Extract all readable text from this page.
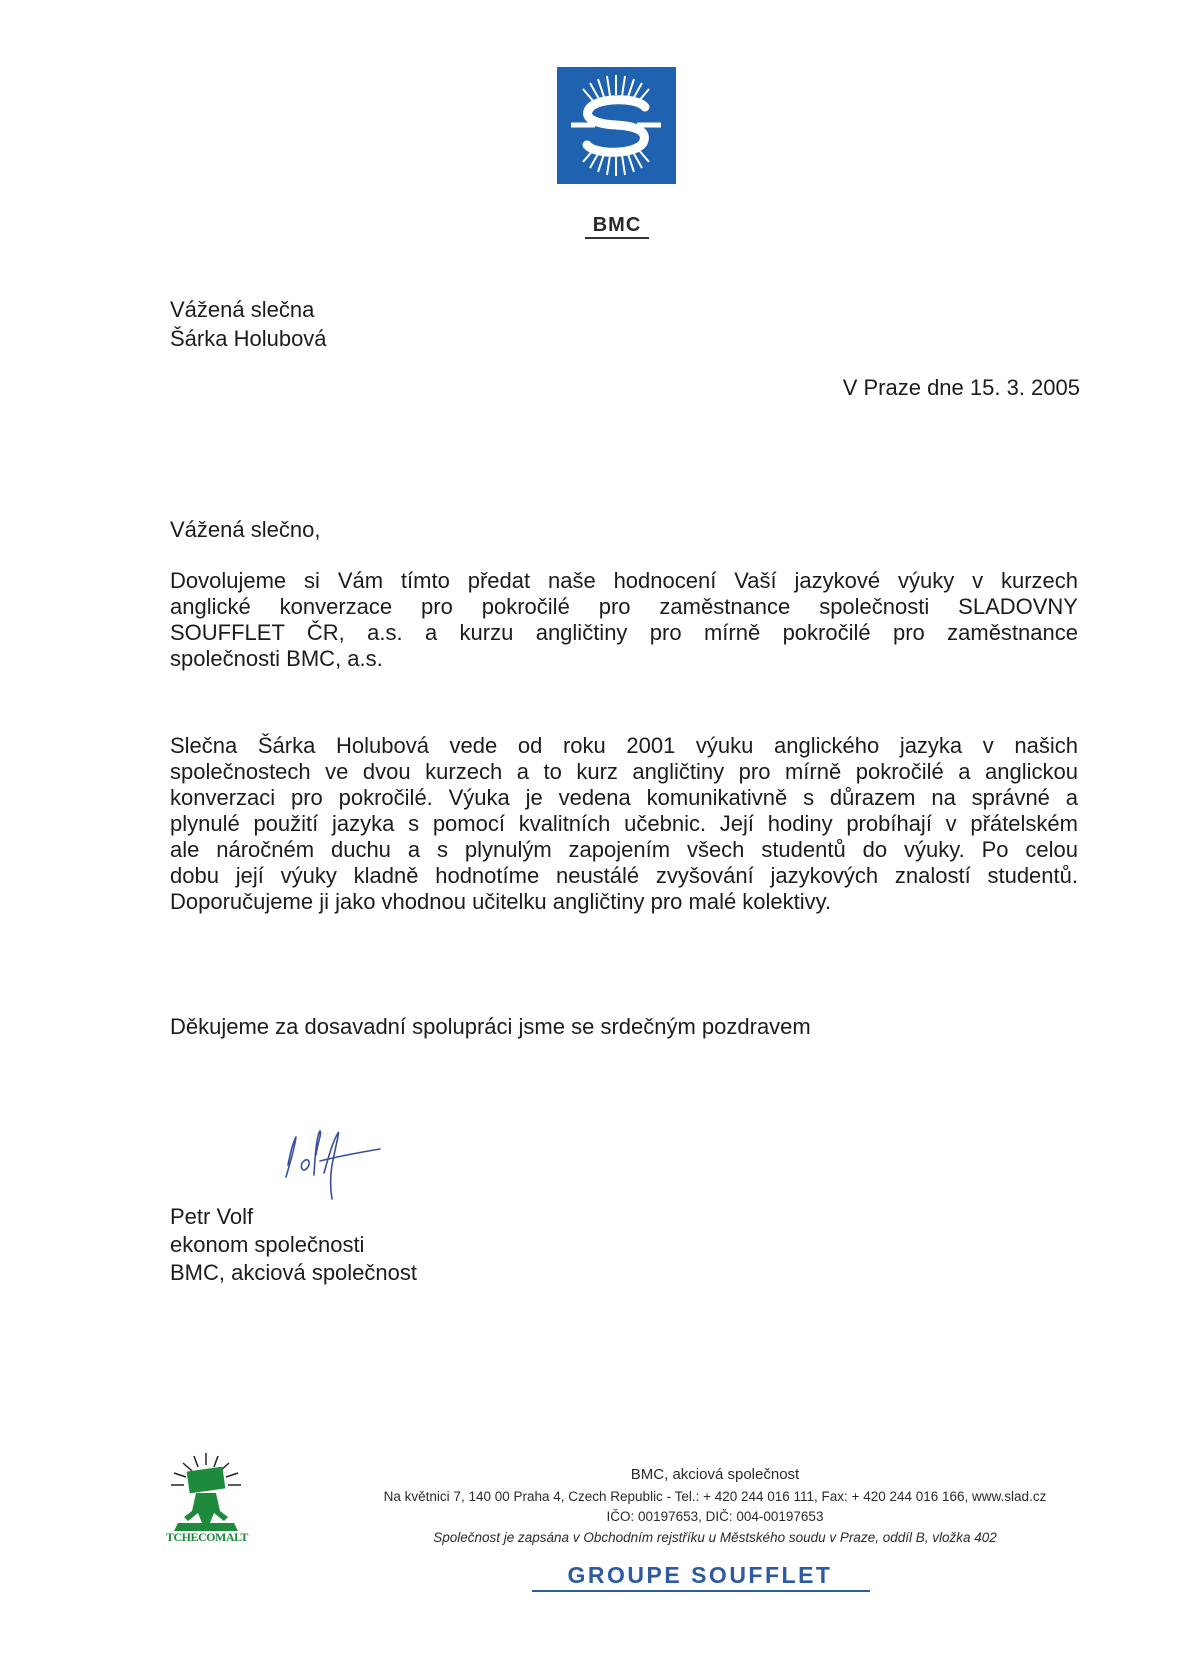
BMC
Vážená slečna
Šárka Holubová
V Praze dne 15. 3. 2005
Vážená slečno,
Dovolujeme si Vám tímto předat naše hodnocení Vaší jazykové výuky v kurzech
anglické konverzace pro pokročilé pro zaměstnance společnosti SLADOVNY
SOUFFLET ČR, a.s. a kurzu angličtiny pro mírně pokročilé pro zaměstnance
společnosti BMC, a.s.
Slečna Šárka Holubová vede od roku 2001 výuku anglického jazyka v našich
společnostech ve dvou kurzech a to kurz angličtiny pro mírně pokročilé a anglickou
konverzaci pro pokročilé. Výuka je vedena komunikativně s důrazem na správné a
plynulé použití jazyka s pomocí kvalitních učebnic. Její hodiny probíhají v přátelském
ale náročném duchu a s plynulým zapojením všech studentů do výuky. Po celou
dobu její výuky kladně hodnotíme neustálé zvyšování jazykových znalostí studentů.
Doporučujeme ji jako vhodnou učitelku angličtiny pro malé kolektivy.
Děkujeme za dosavadní spolupráci jsme se srdečným pozdravem
Petr Volf
ekonom společnosti
BMC, akciová společnost
TCHECOMALT
BMC, akciová společnost
Na květnici 7, 140 00 Praha 4, Czech Republic - Tel.: + 420 244 016 111, Fax: + 420 244 016 166, www.slad.cz
IČO: 00197653, DIČ: 004-00197653
Společnost je zapsána v Obchodním rejstříku u Městského soudu v Praze, oddíl B, vložka 402
GROUPE SOUFFLET
